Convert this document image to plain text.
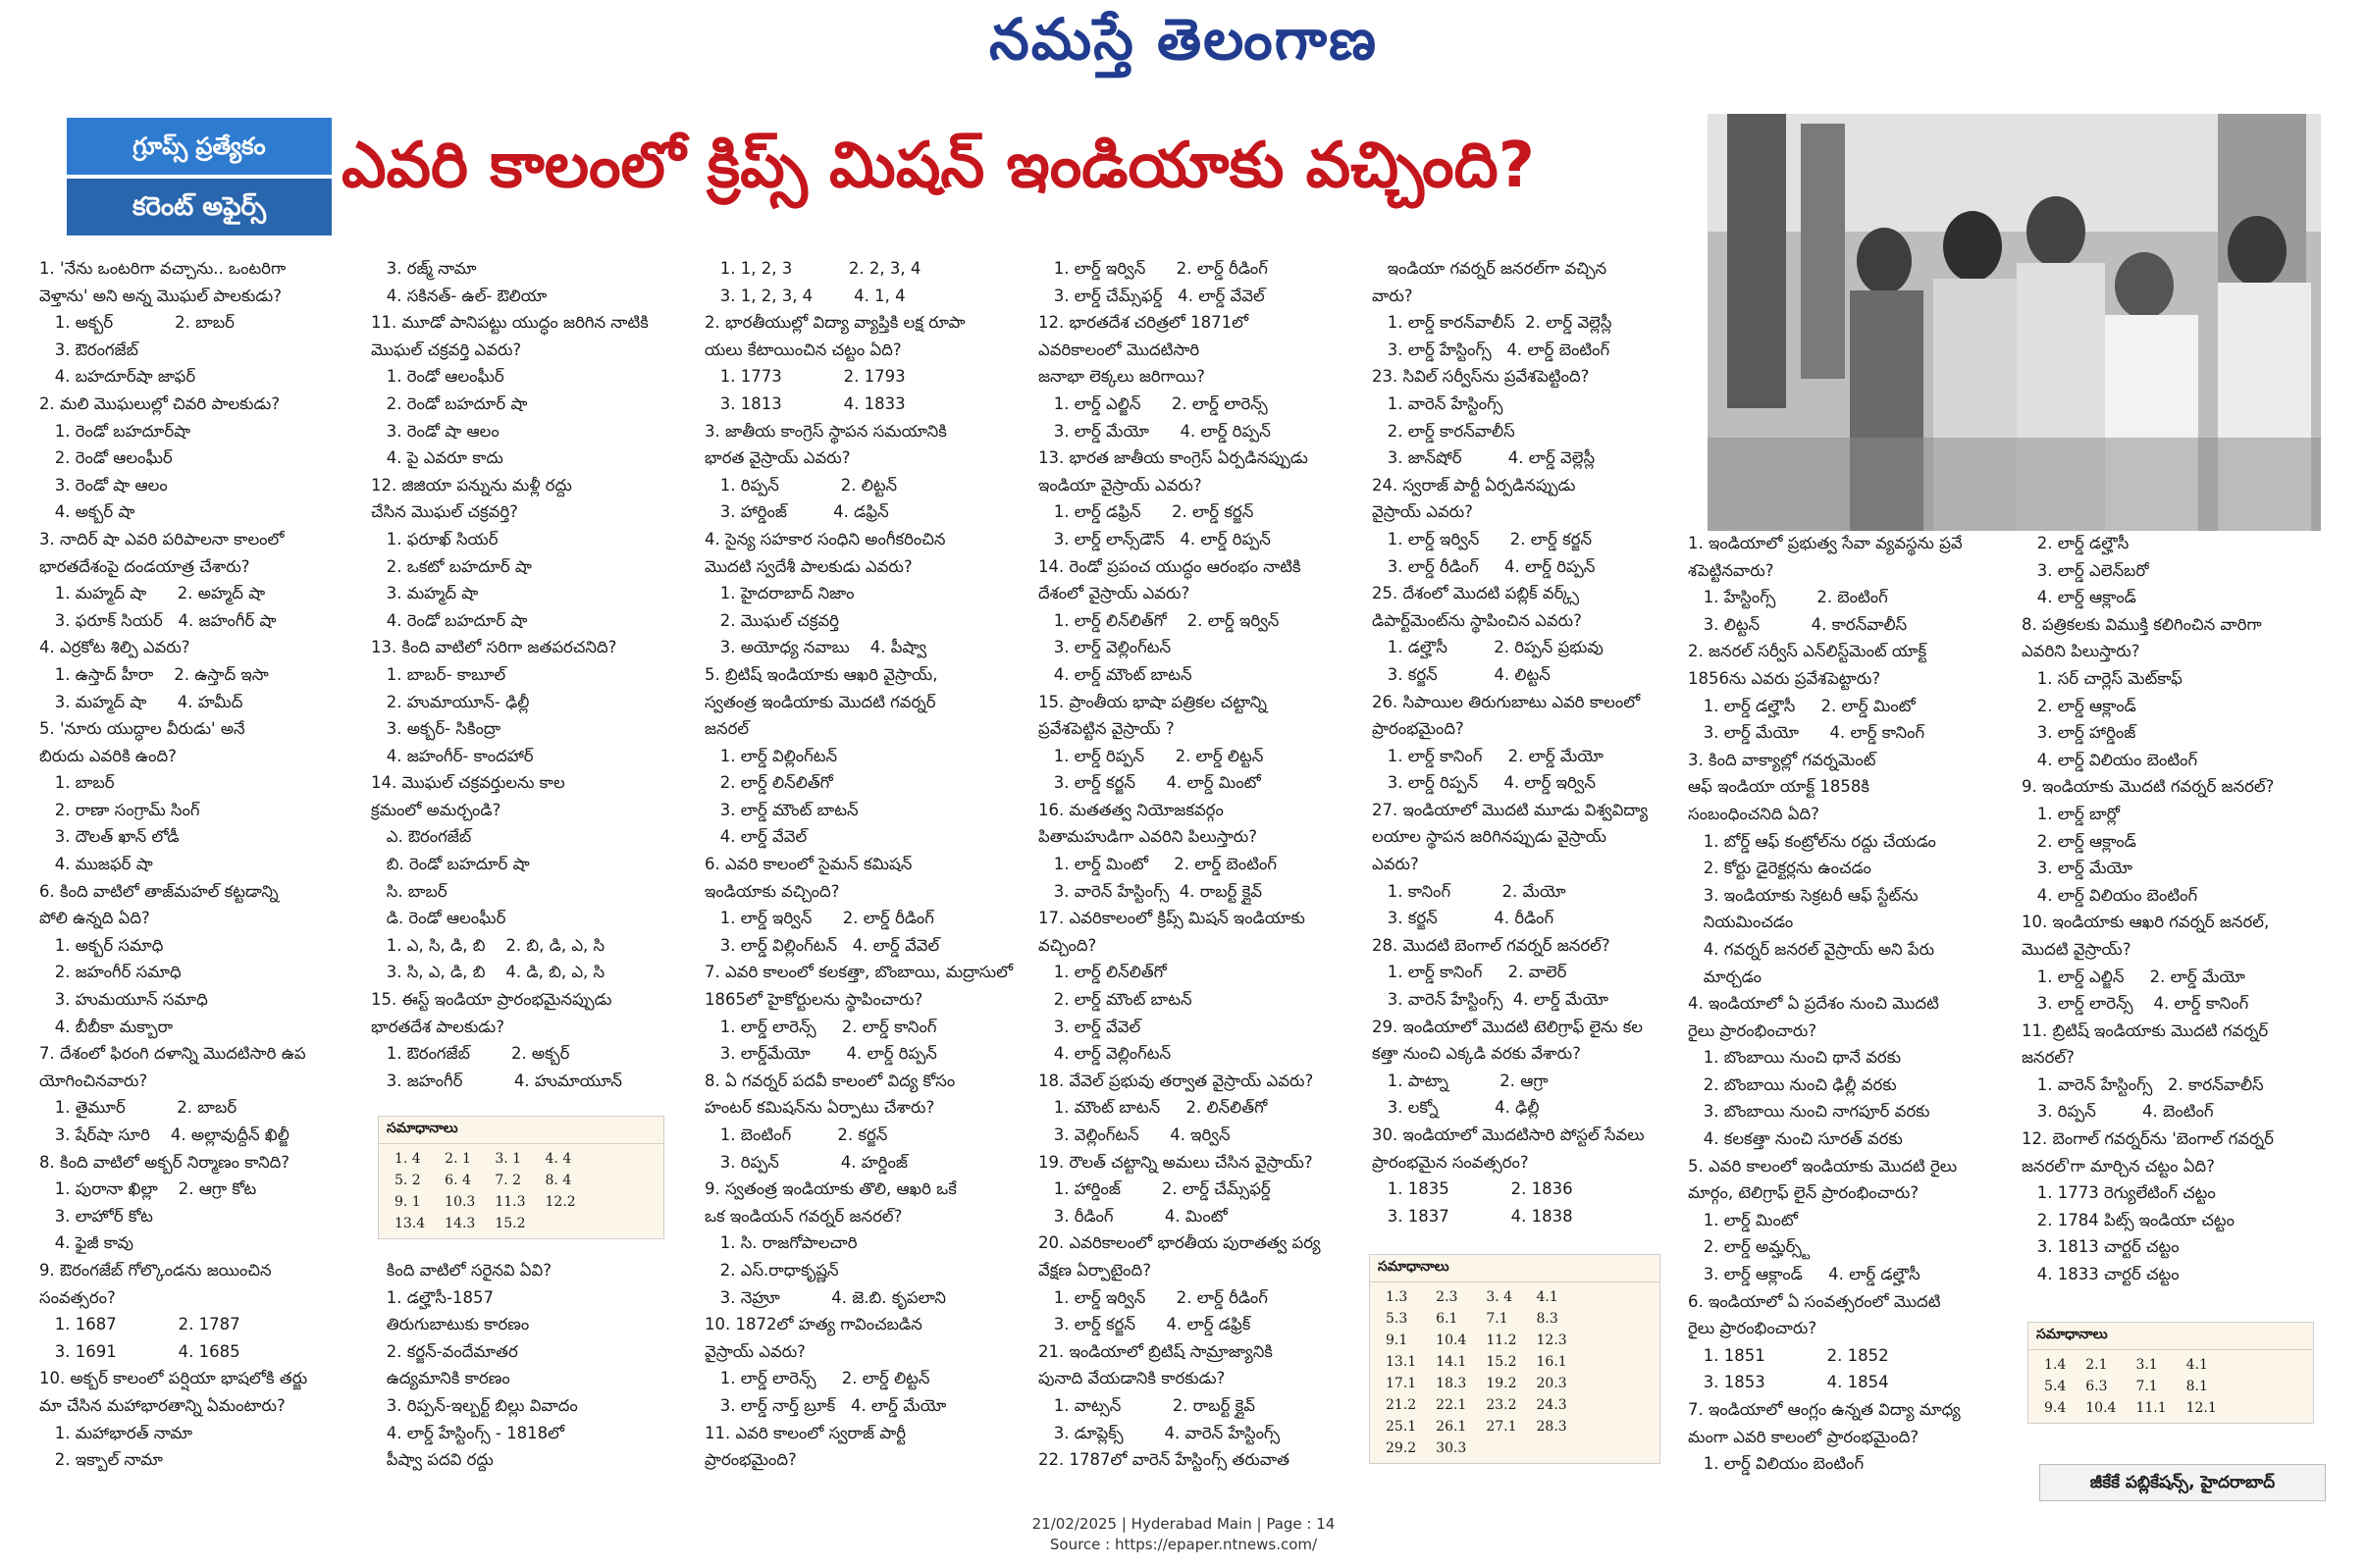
నమస్తే తెలంగాణ
గ్రూప్స్ ప్రత్యేకం
కరెంట్ అఫైర్స్
ఎవరి కాలంలో క్రిప్స్ మిషన్ ఇండియాకు వచ్చింది?

1. 'నేను ఒంటరిగా వచ్చాను.. ఒంటరిగా

వెళ్తాను' అని అన్న మొఘల్ పాలకుడు?

1. అక్బర్            2. బాబర్

3. ఔరంగజేబ్

4. బహదూర్‌షా జాఫర్

2. మలి మొఘలుల్లో చివరి పాలకుడు?

1. రెండో బహదూర్‌షా

2. రెండో ఆలంఘీర్

3. రెండో షా ఆలం

4. అక్బర్ షా

3. నాదిర్ షా ఎవరి పరిపాలనా కాలంలో

భారతదేశంపై దండయాత్ర చేశారు?

1. మహ్మద్ షా      2. అహ్మద్ షా

3. ఫరూక్ సియర్   4. జహంగీర్ షా

4. ఎర్రకోట శిల్పి ఎవరు?

1. ఉస్తాద్ హీరా    2. ఉస్తాద్ ఇసా

3. మహ్మద్ షా      4. హమీద్

5. 'నూరు యుద్ధాల వీరుడు' అనే

బిరుదు ఎవరికి ఉంది?

1. బాబర్

2. రాణా సంగ్రామ్ సింగ్

3. దౌలత్ ఖాన్ లోడీ

4. ముజఫర్ షా

6. కింది వాటిలో తాజ్‌మహల్ కట్టడాన్ని

పోలి ఉన్నది ఏది?

1. అక్బర్ సమాధి

2. జహంగీర్ సమాధి

3. హుమయూన్ సమాధి

4. బీబీకా మక్బారా

7. దేశంలో ఫిరంగి దళాన్ని మొదటిసారి ఉప

యోగించినవారు?

1. తైమూర్          2. బాబర్

3. షేర్‌షా సూరి    4. అల్లావుద్దీన్ ఖిల్జీ

8. కింది వాటిలో అక్బర్ నిర్మాణం కానిది?

1. పురానా ఖిల్లా    2. ఆగ్రా కోట

3. లాహోర్ కోట

4. ఫైజీ కావు

9. ఔరంగజేబ్ గోల్కొండను జయించిన

సంవత్సరం?

1. 1687            2. 1787

3. 1691            4. 1685

10. అక్బర్ కాలంలో పర్షియా భాషలోకి తర్జు

మా చేసిన మహాభారతాన్ని ఏమంటారు?

1. మహాభారత్ నామా

2. ఇక్బాల్ నామా

3. రజ్మ్ నామా

4. సకినత్‌- ఉల్‌- ఔలియా

11. మూడో పానిపట్టు యుద్ధం జరిగిన నాటికి

మొఘల్ చక్రవర్తి ఎవరు?

1. రెండో ఆలంఘీర్

2. రెండో బహదూర్ షా

3. రెండో షా ఆలం

4. పై ఎవరూ కాదు

12. జిజియా పన్నును మళ్లీ రద్దు

చేసిన మొఘల్ చక్రవర్తి?

1. ఫరూఖ్ సియర్

2. ఒకటో బహదూర్ షా

3. మహ్మద్ షా

4. రెండో బహదూర్ షా

13. కింది వాటిలో సరిగా జతపరచనిది?

1. బాబర్- కాబూల్

2. హుమాయూన్- ఢిల్లీ

3. అక్బర్- సికింద్రా

4. జహంగీర్- కాందహార్

14. మొఘల్ చక్రవర్తులను కాల

క్రమంలో అమర్చండి?

ఎ. ఔరంగజేబ్

బి. రెండో బహదూర్ షా

సి. బాబర్

డి. రెండో ఆలంఘీర్

1. ఎ, సి, డి, బి    2. బి, డి, ఎ, సి

3. సి, ఎ, డి, బి    4. డి, బి, ఎ, సి

15. ఈస్ట్ ఇండియా ప్రారంభమైనప్పుడు

భారతదేశ పాలకుడు?

1. ఔరంగజేబ్        2. అక్బర్

3. జహంగీర్          4. హుమాయూన్

కింది వాటిలో సరైనవి ఏవి?

1. డల్హౌసీ-1857

తిరుగుబాటుకు కారణం

2. కర్జన్-వందేమాతర

ఉద్యమానికి కారణం

3. రిప్పన్-ఇల్బర్ట్ బిల్లు వివాదం

4. లార్డ్ హేస్టింగ్స్ - 1818లో

పీష్వా పదవి రద్దు

1. 1, 2, 3           2. 2, 3, 4

3. 1, 2, 3, 4        4. 1, 4

2. భారతీయుల్లో విద్యా వ్యాప్తికి లక్ష రూపా

యలు కేటాయించిన చట్టం ఏది?

1. 1773            2. 1793

3. 1813            4. 1833

3. జాతీయ కాంగ్రెస్ స్థాపన సమయానికి

భారత వైస్రాయ్ ఎవరు?

1. రిప్పన్            2. లిట్టన్

3. హార్డింజ్         4. డఫ్రిన్

4. సైన్య సహకార సంధిని అంగీకరించిన

మొదటి స్వదేశీ పాలకుడు ఎవరు?

1. హైదరాబాద్ నిజాం

2. మొఘల్ చక్రవర్తి

3. అయోధ్య నవాబు    4. పీష్వా

5. బ్రిటిష్ ఇండియాకు ఆఖరి వైస్రాయ్,

స్వతంత్ర ఇండియాకు మొదటి గవర్నర్

జనరల్

1. లార్డ్ విల్లింగ్‌టన్

2. లార్డ్ లిన్‌లిత్‌గో

3. లార్డ్ మౌంట్ బాటన్

4. లార్డ్ వేవెల్

6. ఎవరి కాలంలో సైమన్ కమిషన్

ఇండియాకు వచ్చింది?

1. లార్డ్ ఇర్విన్      2. లార్డ్ రీడింగ్

3. లార్డ్ విల్లింగ్‌టన్   4. లార్డ్ వేవెల్

7. ఎవరి కాలంలో కలకత్తా, బొంబాయి, మద్రాసులో

1865లో హైకోర్టులను స్థాపించారు?

1. లార్డ్ లారెన్స్     2. లార్డ్ కానింగ్

3. లార్డ్‌మేయో       4. లార్డ్ రిప్పన్

8. ఏ గవర్నర్ పదవీ కాలంలో విద్య కోసం

హంటర్ కమిషన్‌ను ఏర్పాటు చేశారు?

1. బెంటింగ్         2. కర్జన్

3. రిప్పన్            4. హర్డింజ్

9. స్వతంత్ర ఇండియాకు తొలి, ఆఖరి ఒకే

ఒక ఇండియన్ గవర్నర్ జనరల్?

1. సి. రాజగోపాలచారి

2. ఎస్.రాధాకృష్ణన్

3. నెహ్రూ          4. జె.బి. కృపలాని

10. 1872లో హత్య గావించబడిన

వైస్రాయ్ ఎవరు?

1. లార్డ్ లారెన్స్     2. లార్డ్ లిట్టన్

3. లార్డ్ నార్త్ బ్రూక్   4. లార్డ్ మేయో

11. ఎవరి కాలంలో స్వరాజ్ పార్టీ

ప్రారంభమైంది?

1. లార్డ్ ఇర్విన్      2. లార్డ్ రీడింగ్

3. లార్డ్ చేమ్స్‌ఫర్డ్   4. లార్డ్ వేవెల్

12. భారతదేశ చరిత్రలో 1871లో

ఎవరికాలంలో మొదటిసారి

జనాభా లెక్కలు జరిగాయి?

1. లార్డ్ ఎల్జిన్      2. లార్డ్ లారెన్స్

3. లార్డ్ మేయో      4. లార్డ్ రిప్పన్

13. భారత జాతీయ కాంగ్రెస్ ఏర్పడినప్పుడు

ఇండియా వైస్రాయ్ ఎవరు?

1. లార్డ్ డఫ్రిన్      2. లార్డ్ కర్జన్

3. లార్డ్ లాన్స్‌డౌన్   4. లార్డ్ రిప్పన్

14. రెండో ప్రపంచ యుద్ధం ఆరంభం నాటికి

దేశంలో వైస్రాయ్ ఎవరు?

1. లార్డ్ లిన్‌లిత్‌గో    2. లార్డ్ ఇర్విన్

3. లార్డ్ వెల్లింగ్‌టన్

4. లార్డ్ మౌంట్ బాటన్

15. ప్రాంతీయ భాషా పత్రికల చట్టాన్ని

ప్రవేశపెట్టిన వైస్రాయ్ ?

1. లార్డ్ రిప్పన్      2. లార్డ్ లిట్టన్

3. లార్డ్ కర్జన్      4. లార్డ్ మింటో

16. మతతత్వ నియోజకవర్గం

పితామహుడిగా ఎవరిని పిలుస్తారు?

1. లార్డ్ మింటో     2. లార్డ్ బెంటింగ్

3. వారెన్ హేస్టింగ్స్  4. రాబర్ట్ క్లైవ్

17. ఎవరికాలంలో క్రిప్స్ మిషన్ ఇండియాకు

వచ్చింది?

1. లార్డ్ లిన్‌లిత్‌గో

2. లార్డ్ మౌంట్ బాటన్

3. లార్డ్ వేవెల్

4. లార్డ్ వెల్లింగ్‌టన్

18. వేవెల్ ప్రభువు తర్వాత వైస్రాయ్ ఎవరు?

1. మౌంట్ బాటన్     2. లిన్‌లిత్‌గో

3. వెల్లింగ్‌టన్      4. ఇర్విన్

19. రౌలత్ చట్టాన్ని అమలు చేసిన వైస్రాయ్?

1. హార్డింజ్        2. లార్డ్ చేమ్స్‌ఫర్డ్

3. రీడింగ్          4. మింటో

20. ఎవరికాలంలో భారతీయ పురాతత్వ పర్య

వేక్షణ ఏర్పాటైంది?

1. లార్డ్ ఇర్విన్      2. లార్డ్ రీడింగ్

3. లార్డ్ కర్జన్      4. లార్డ్ డఫ్రిక్

21. ఇండియాలో బ్రిటిష్ సామ్రాజ్యానికి

పునాది వేయడానికి కారకుడు?

1. వాట్సన్          2. రాబర్ట్ క్లైవ్

3. డూప్లెక్స్        4. వారెన్ హేస్టింగ్స్

22. 1787లో వారెన్ హేస్టింగ్స్ తరువాత

ఇండియా గవర్నర్ జనరల్‌గా వచ్చిన

వారు?

1. లార్డ్ కారన్‌వాలీస్  2. లార్డ్ వెల్లెస్లీ

3. లార్డ్ హేస్టింగ్స్   4. లార్డ్ బెంటింగ్

23. సివిల్ సర్వీస్‌ను ప్రవేశపెట్టింది?

1. వారెన్ హేస్టింగ్స్

2. లార్డ్ కారన్‌వాలీస్

3. జాన్‌షోర్         4. లార్డ్ వెల్లెస్లీ

24. స్వరాజ్ పార్టీ ఏర్పడినప్పుడు

వైస్రాయ్ ఎవరు?

1. లార్డ్ ఇర్విన్      2. లార్డ్ కర్జన్

3. లార్డ్ రీడింగ్     4. లార్డ్ రిప్పన్

25. దేశంలో మొదటి పబ్లిక్ వర్క్స్

డిపార్ట్‌మెంట్‌ను స్థాపించిన ఎవరు?

1. డల్హౌసీ         2. రిప్పన్ ప్రభువు

3. కర్జన్           4. లిట్టన్

26. సిపాయిల తిరుగుబాటు ఎవరి కాలంలో

ప్రారంభమైంది?

1. లార్డ్ కానింగ్     2. లార్డ్ మేయో

3. లార్డ్ రిప్పన్     4. లార్డ్ ఇర్విన్

27. ఇండియాలో మొదటి మూడు విశ్వవిద్యా

లయాల స్థాపన జరిగినప్పుడు వైస్రాయ్

ఎవరు?

1. కానింగ్          2. మేయో

3. కర్జన్           4. రీడింగ్

28. మొదటి బెంగాల్ గవర్నర్ జనరల్?

1. లార్డ్ కానింగ్     2. వాలెర్

3. వారెన్ హేస్టింగ్స్  4. లార్డ్ మేయో

29. ఇండియాలో మొదటి టెలిగ్రాఫ్ లైను కల

కత్తా నుంచి ఎక్కడి వరకు వేశారు?

1. పాట్నా          2. ఆగ్రా

3. లక్నో           4. ఢిల్లీ

30. ఇండియాలో మొదటిసారి పోస్టల్ సేవలు

ప్రారంభమైన సంవత్సరం?

1. 1835            2. 1836

3. 1837            4. 1838

1. ఇండియాలో ప్రభుత్వ సేవా వ్యవస్థను ప్రవే

శపెట్టినవారు?

1. హేస్టింగ్స్        2. బెంటింగ్

3. లిట్టన్          4. కారన్‌వాలీస్

2. జనరల్ సర్వీస్ ఎన్‌లిస్ట్‌మెంట్ యాక్ట్

1856ను ఎవరు ప్రవేశపెట్టారు?

1. లార్డ్ డల్హౌసీ     2. లార్డ్ మింటో

3. లార్డ్ మేయో      4. లార్డ్ కానింగ్

3. కింది వాక్యాల్లో గవర్నమెంట్

ఆఫ్ ఇండియా యాక్ట్ 1858కి

సంబంధించనిది ఏది?

1. బోర్డ్ ఆఫ్ కంట్రోల్‌ను రద్దు చేయడం

2. కోర్టు డైరెక్టర్లను ఉంచడం

3. ఇండియాకు సెక్రటరీ ఆఫ్ స్టేట్‌ను

నియమించడం

4. గవర్నర్ జనరల్ వైస్రాయ్ అని పేరు

మార్చడం

4. ఇండియాలో ఏ ప్రదేశం నుంచి మొదటి

రైలు ప్రారంభించారు?

1. బొంబాయి నుంచి థానే వరకు

2. బొంబాయి నుంచి ఢిల్లీ వరకు

3. బొంబాయి నుంచి నాగపూర్ వరకు

4. కలకత్తా నుంచి సూరత్ వరకు

5. ఎవరి కాలంలో ఇండియాకు మొదటి రైలు

మార్గం, టెలిగ్రాఫ్ లైన్ ప్రారంభించారు?

1. లార్డ్ మింటో

2. లార్డ్ అమ్హర్స్ట్

3. లార్డ్ ఆక్లాండ్     4. లార్డ్ డల్హౌసీ

6. ఇండియాలో ఏ సంవత్సరంలో మొదటి

రైలు ప్రారంభించారు?

1. 1851            2. 1852

3. 1853            4. 1854

7. ఇండియాలో ఆంగ్లం ఉన్నత విద్యా మాధ్య

మంగా ఎవరి కాలంలో ప్రారంభమైంది?

1. లార్డ్ విలియం బెంటింగ్

2. లార్డ్ డల్హౌసీ

3. లార్డ్ ఎలెన్‌బరో

4. లార్డ్ ఆక్లాండ్

8. పత్రికలకు విముక్తి కలిగించిన వారిగా

ఎవరిని పిలుస్తారు?

1. సర్ చార్లెస్ మెట్‌కాఫ్

2. లార్డ్ ఆక్లాండ్

3. లార్డ్ హార్డింజ్

4. లార్డ్ విలియం బెంటింగ్

9. ఇండియాకు మొదటి గవర్నర్ జనరల్?

1. లార్డ్ బార్లో

2. లార్డ్ ఆక్లాండ్

3. లార్డ్ మేయో

4. లార్డ్ విలియం బెంటింగ్

10. ఇండియాకు ఆఖరి గవర్నర్ జనరల్,

మొదటి వైస్రాయ్?

1. లార్డ్ ఎల్జిన్     2. లార్డ్ మేయో

3. లార్డ్ లారెన్స్    4. లార్డ్ కానింగ్

11. బ్రిటిష్ ఇండియాకు మొదటి గవర్నర్

జనరల్?

1. వారెన్ హేస్టింగ్స్   2. కారన్‌వాలీస్

3. రిప్పన్         4. బెంటింగ్

12. బెంగాల్ గవర్నర్‌ను 'బెంగాల్ గవర్నర్

జనరల్'గా మార్చిన చట్టం ఏది?

1. 1773 రెగ్యులేటింగ్ చట్టం

2. 1784 పిట్స్ ఇండియా చట్టం

3. 1813 చార్టర్ చట్టం

4. 1833 చార్టర్ చట్టం

సమాధానాలు
1. 4	2. 1	3. 1	4. 4
5. 2	6. 4	7. 2	8. 4
9. 1	10.3	11.3	12.2
13.4	14.3	15.2	
సమాధానాలు
1.3	2.3	3. 4	4.1
5.3	6.1	7.1	8.3
9.1	10.4	11.2	12.3
13.1	14.1	15.2	16.1
17.1	18.3	19.2	20.3
21.2	22.1	23.2	24.3
25.1	26.1	27.1	28.3
29.2	30.3		
సమాధానాలు
1.4	2.1	3.1	4.1
5.4	6.3	7.1	8.1
9.4	10.4	11.1	12.1
జీకేకే పబ్లికేషన్స్, హైదరాబాద్
21/02/2025 | Hyderabad Main | Page : 14
Source : https://epaper.ntnews.com/
